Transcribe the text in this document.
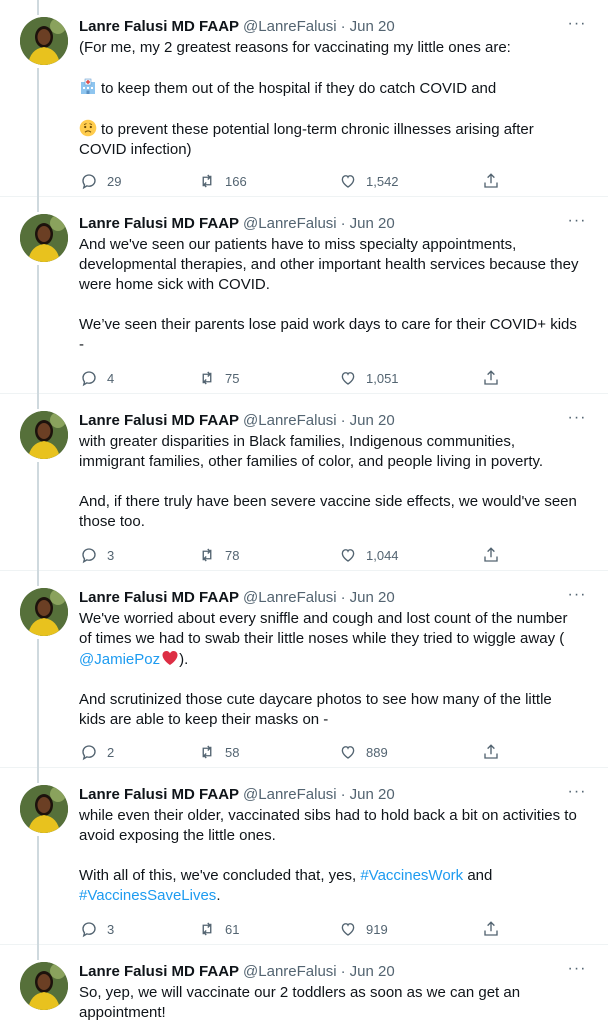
Lanre Falusi MD FAAP @LanreFalusi · Jun 20	···

(For me, my 2 greatest reasons for vaccinating my little ones are:

to keep them out of the hospital if they do catch COVID and

to prevent these potential long-term chronic illnesses arising after

COVID infection)

29	166	1,542
Lanre Falusi MD FAAP @LanreFalusi · Jun 20	···

And we've seen our patients have to miss specialty appointments,

developmental therapies, and other important health services because they

were home sick with COVID.

We’ve seen their parents lose paid work days to care for their COVID+ kids

-

4	75	1,051
Lanre Falusi MD FAAP @LanreFalusi · Jun 20	···

with greater disparities in Black families, Indigenous communities,

immigrant families, other families of color, and people living in poverty.

And, if there truly have been severe vaccine side effects, we would've seen

those too.

3	78	1,044
Lanre Falusi MD FAAP @LanreFalusi · Jun 20	···

We've worried about every sniffle and cough and lost count of the number

of times we had to swab their little noses while they tried to wiggle away (

@JamiePoz ).

And scrutinized those cute daycare photos to see how many of the little

kids are able to keep their masks on -

2	58	889
Lanre Falusi MD FAAP @LanreFalusi · Jun 20	···

while even their older, vaccinated sibs had to hold back a bit on activities to

avoid exposing the little ones.

With all of this, we've concluded that, yes, #VaccinesWork and

#VaccinesSaveLives.

3	61	919
Lanre Falusi MD FAAP @LanreFalusi · Jun 20	···

So, yep, we will vaccinate our 2 toddlers as soon as we can get an

appointment!
